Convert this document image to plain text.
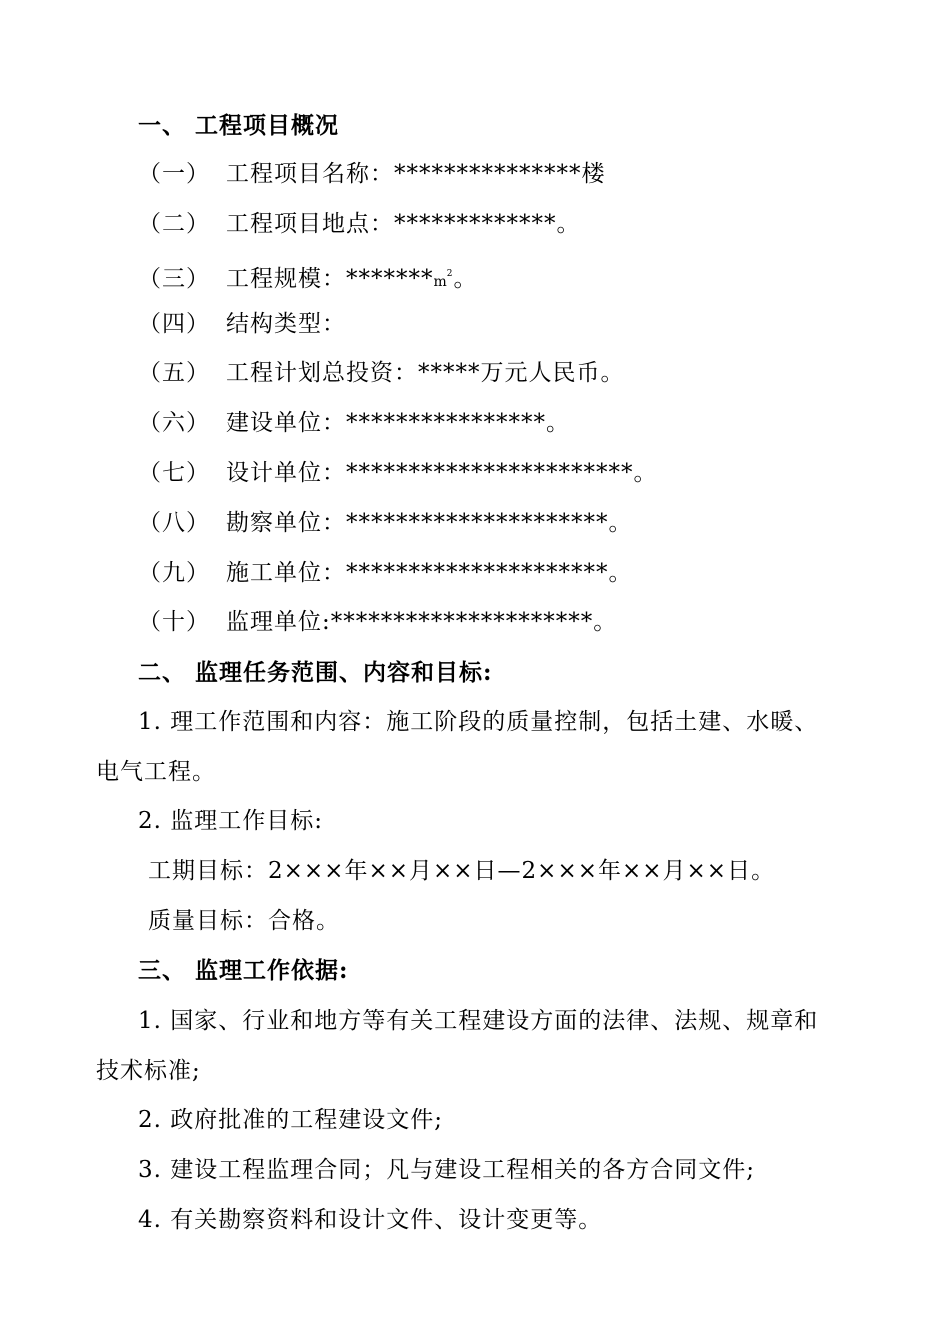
一、 工程项目概况
（一） 工程项目名称：***************楼
（二） 工程项目地点：*************。
（三） 工程规模：$*******m^2$。
（四） 结构类型：
（五） 工程计划总投资：*****万元人民币。
（六） 建设单位：****************。
（七） 设计单位：***********************。
（八） 勘察单位：*********************。
（九） 施工单位：*********************。
（十） 监理单位:*********************。
二、 监理任务范围、内容和目标:
1. 理工作范围和内容：施工阶段的质量控制，包括土建、水暖、
电气工程。
2. 监理工作目标:
工期目标：2×××年××月××日—2×××年××月××日。
质量目标：合格。
三、 监理工作依据:
1. 国家、行业和地方等有关工程建设方面的法律、法规、规章和
技术标准;
2. 政府批准的工程建设文件;
3. 建设工程监理合同；凡与建设工程相关的各方合同文件;
4. 有关勘察资料和设计文件、设计变更等。
